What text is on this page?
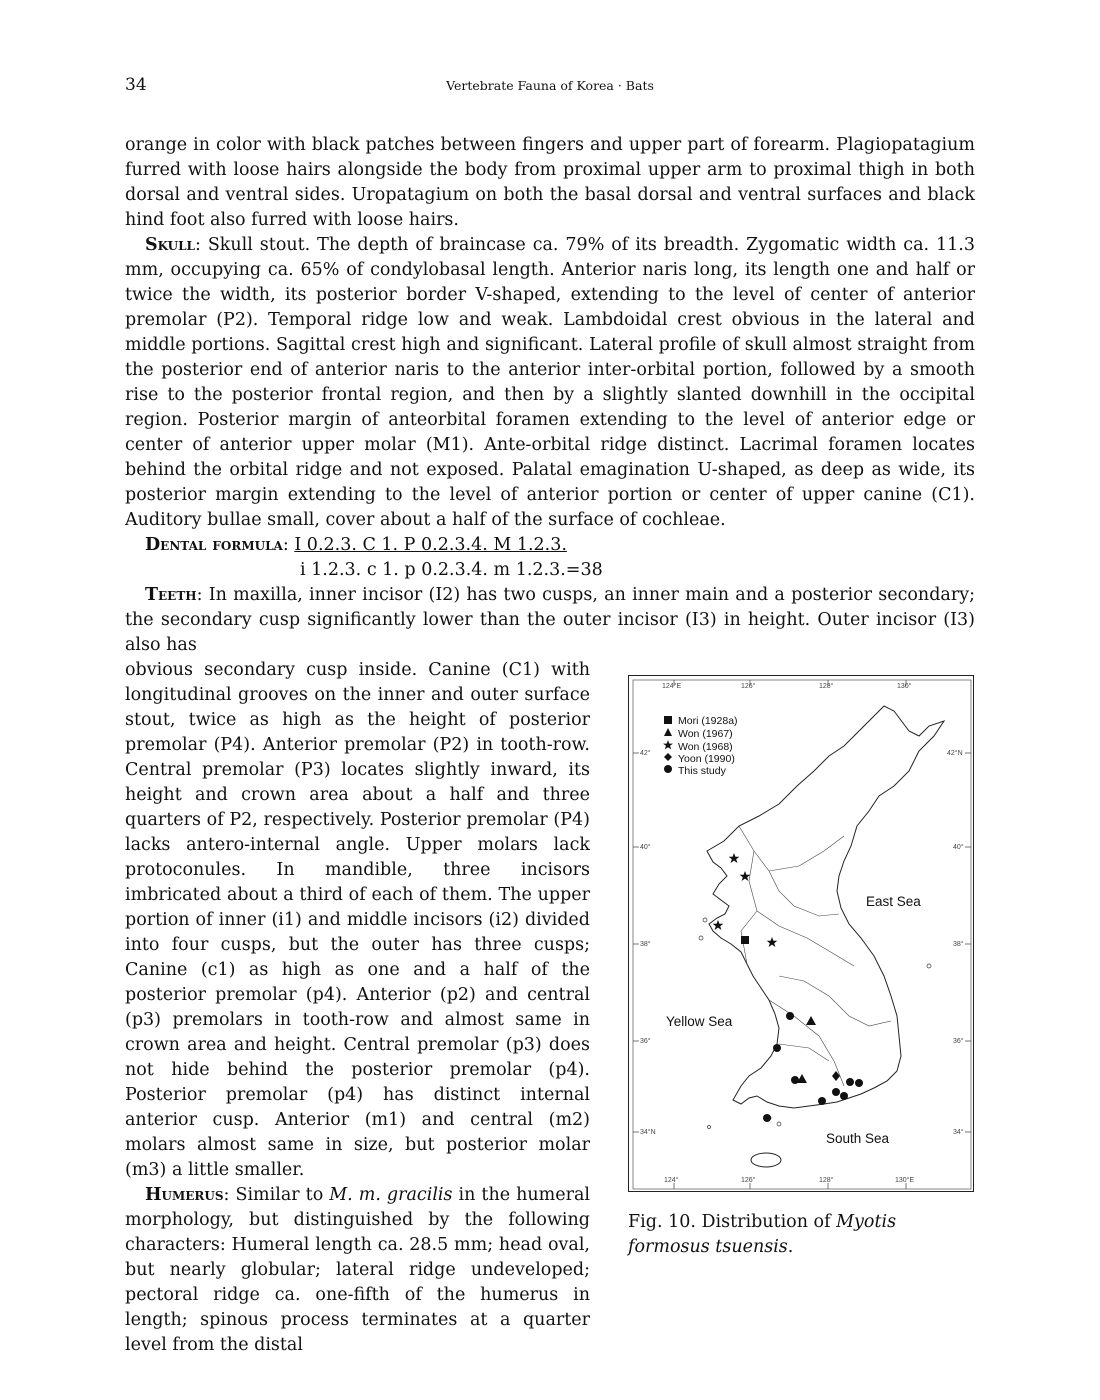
34	Vertebrate Fauna of Korea · Bats

orange in color with black patches between fingers and upper part of forearm. Plagiopatagium furred with loose hairs alongside the body from proximal upper arm to proximal thigh in both dorsal and ventral sides. Uropatagium on both the basal dorsal and ventral surfaces and black hind foot also furred with loose hairs.

Skull: Skull stout. The depth of braincase ca. 79% of its breadth. Zygomatic width ca. 11.3 mm, occupying ca. 65% of condylobasal length. Anterior naris long, its length one and half or twice the width, its posterior border V-shaped, extending to the level of center of anterior premolar (P2). Temporal ridge low and weak. Lambdoidal crest obvious in the lateral and middle portions. Sagittal crest high and significant. Lateral profile of skull almost straight from the posterior end of anterior naris to the anterior inter-orbital portion, followed by a smooth rise to the posterior frontal region, and then by a slightly slanted downhill in the occipital region. Posterior margin of anteorbital foramen extending to the level of anterior edge or center of anterior upper molar (M1). Ante-orbital ridge distinct. Lacrimal foramen locates behind the orbital ridge and not exposed. Palatal emagination U-shaped, as deep as wide, its posterior margin extending to the level of anterior portion or center of upper canine (C1). Auditory bullae small, cover about a half of the surface of cochleae.

Dental formula: I 0.2.3. C 1. P 0.2.3.4. M 1.2.3.
i 1.2.3. c 1. p 0.2.3.4. m 1.2.3.=38

Teeth: In maxilla, inner incisor (I2) has two cusps, an inner main and a posterior secondary; the secondary cusp significantly lower than the outer incisor (I3) in height. Outer incisor (I3) also has

obvious secondary cusp inside. Canine (C1) with longitudinal grooves on the inner and outer surface stout, twice as high as the height of posterior premolar (P4). Anterior premolar (P2) in tooth-row. Central premolar (P3) locates slightly inward, its height and crown area about a half and three quarters of P2, respectively. Posterior premolar (P4) lacks antero-internal angle. Upper molars lack protoconules. In mandible, three incisors imbricated about a third of each of them. The upper portion of inner (i1) and middle incisors (i2) divided into four cusps, but the outer has three cusps; Canine (c1) as high as one and a half of the posterior premolar (p4). Anterior (p2) and central (p3) premolars in tooth-row and almost same in crown area and height. Central premolar (p3) does not hide behind the posterior premolar (p4). Posterior premolar (p4) has distinct internal anterior cusp. Anterior (m1) and central (m2) molars almost same in size, but posterior molar (m3) a little smaller.

Humerus: Similar to M. m. gracilis in the humeral morphology, but distinguished by the following characters: Humeral length ca. 28.5 mm; head oval, but nearly globular; lateral ridge undeveloped; pectoral ridge ca. one-fifth of the humerus in length; spinous process terminates at a quarter level from the distal

124°E	126°	128°	130°
124°	126°	128°	130°E
42°
40°
38°
36°
34°N
42°N
40°
38°
36°
34°
Mori (1928a)
Won (1967)
Won (1968)
Yoon (1990)
This study
East Sea
Yellow Sea
South Sea
Fig. 10. Distribution of Myotis formosus tsuensis.
